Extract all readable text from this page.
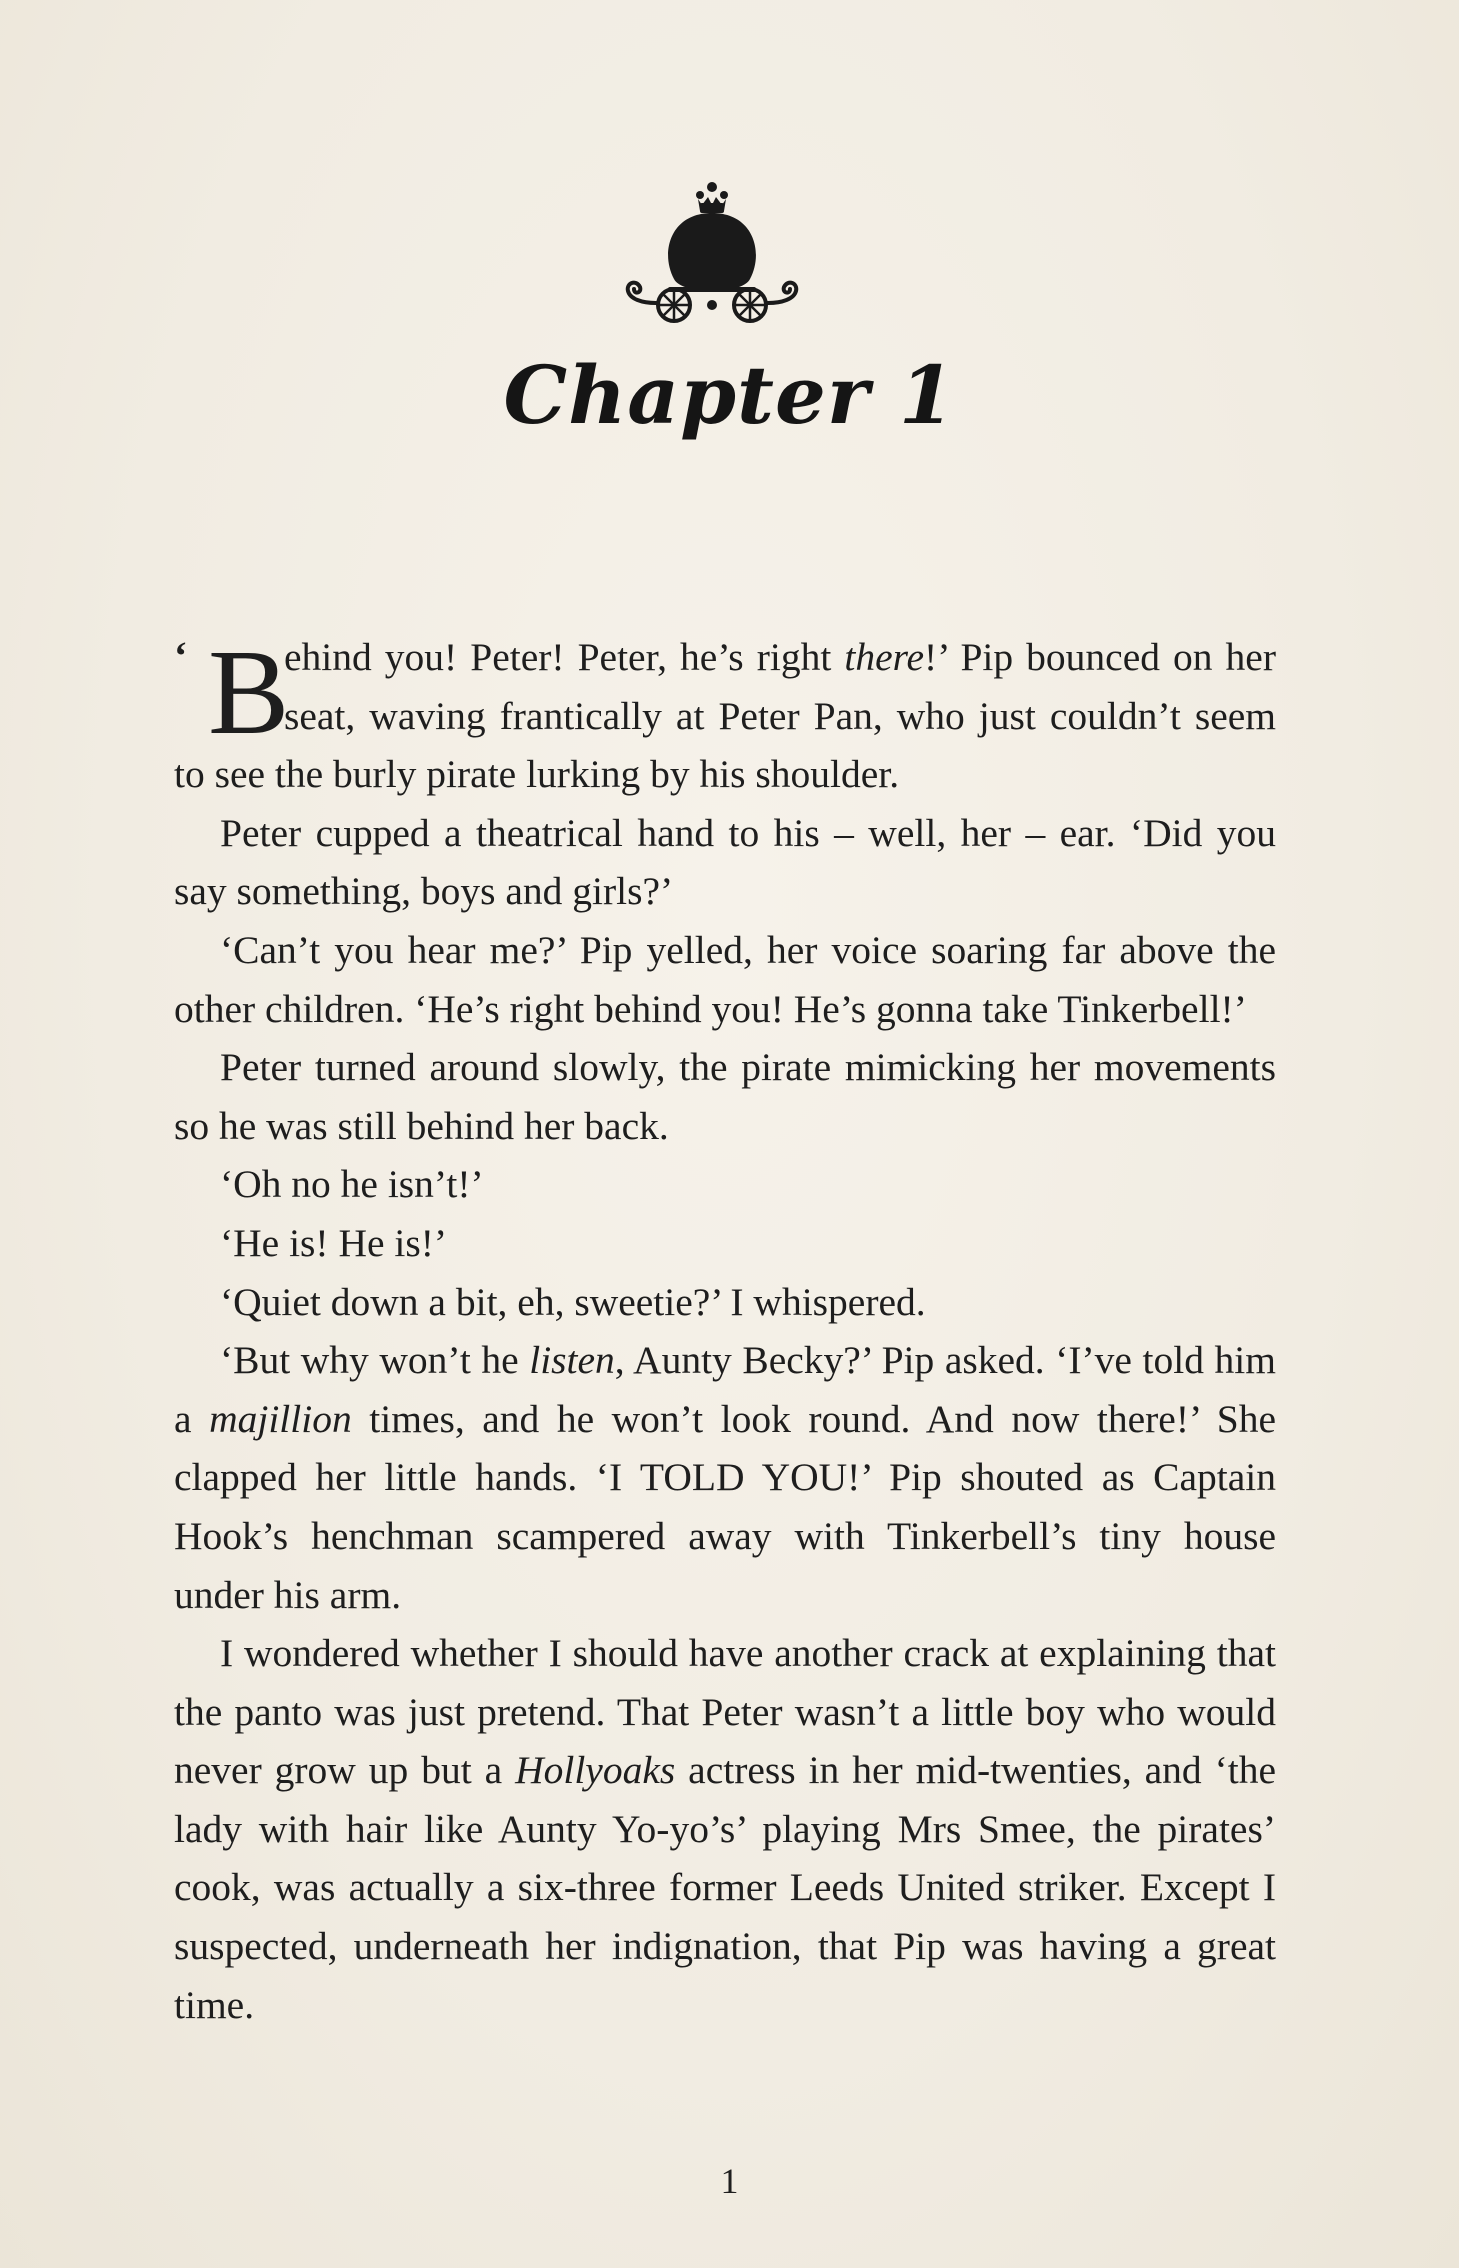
Chapter 1

‘ B
ehind you! Peter! Peter, he’s right there!’ Pip bounced on her seat, waving frantically at Peter Pan, who just couldn’t seem to see the burly pirate lurking by his shoulder.

Peter cupped a theatrical hand to his – well, her – ear. ‘Did you say something, boys and girls?’

‘Can’t you hear me?’ Pip yelled, her voice soaring far above the other children. ‘He’s right behind you! He’s gonna take Tinkerbell!’

Peter turned around slowly, the pirate mimicking her movements so he was still behind her back.

‘Oh no he isn’t!’

‘He is! He is!’

‘Quiet down a bit, eh, sweetie?’ I whispered.

‘But why won’t he listen, Aunty Becky?’ Pip asked. ‘I’ve told him a majillion times, and he won’t look round. And now there!’ She clapped her little hands. ‘I TOLD YOU!’ Pip shouted as Captain Hook’s henchman scampered away with Tinkerbell’s tiny house under his arm.

I wondered whether I should have another crack at explaining that the panto was just pretend. That Peter wasn’t a little boy who would never grow up but a Hollyoaks actress in her mid-twenties, and ‘the lady with hair like Aunty Yo-yo’s’ playing Mrs Smee, the pirates’ cook, was actually a six-three former Leeds United striker. Except I suspected, underneath her indignation, that Pip was having a great time.

1
